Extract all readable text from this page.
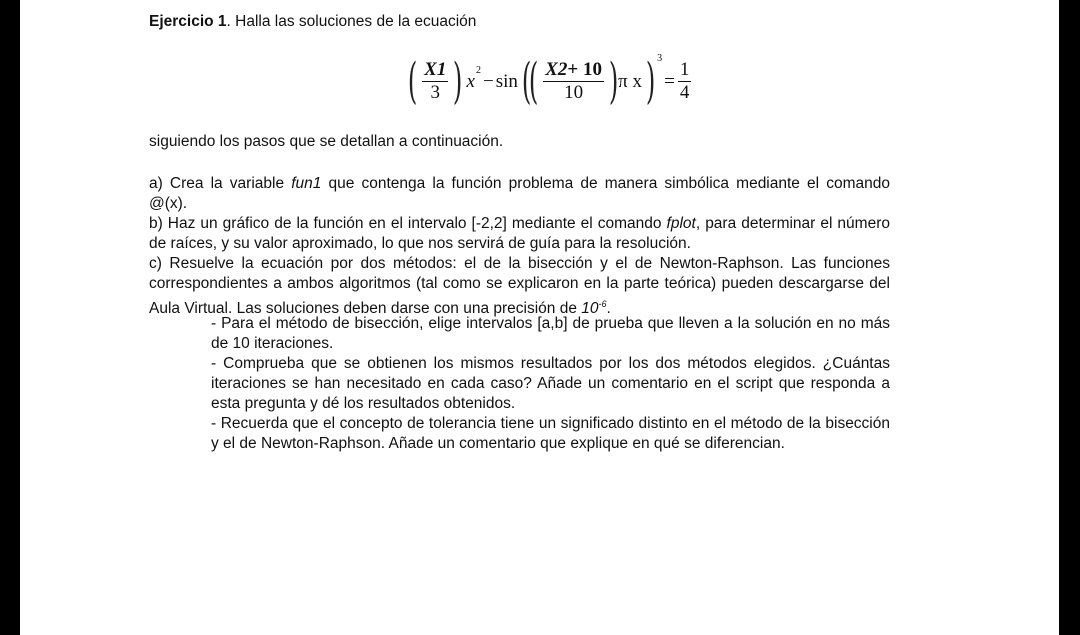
Ejercicio 1. Halla las soluciones de la ecuación
( $\frac{X1}{3}$ ) x
2
− sin (
( $\frac{X2+ 10}{10}$ ) π x ) 3
= $\frac{1}{4}$
siguiendo los pasos que se detallan a continuación.
a) Crea la variable fun1 que contenga la función problema de manera simbólica mediante el comando @(x).
b) Haz un gráfico de la función en el intervalo [-2,2] mediante el comando fplot, para determinar el número de raíces, y su valor aproximado, lo que nos servirá de guía para la resolución.
c) Resuelve la ecuación por dos métodos: el de la bisección y el de Newton-Raphson. Las funciones correspondientes a ambos algoritmos (tal como se explicaron en la parte teórica) pueden descargarse del Aula Virtual. Las soluciones deben darse con una precisión de $10^{-6}$.
- Para el método de bisección, elige intervalos [a,b] de prueba que lleven a la solución en no más de 10 iteraciones.
- Comprueba que se obtienen los mismos resultados por los dos métodos elegidos. ¿Cuántas iteraciones se han necesitado en cada caso? Añade un comentario en el script que responda a esta pregunta y dé los resultados obtenidos.
- Recuerda que el concepto de tolerancia tiene un significado distinto en el método de la bisección y el de Newton-Raphson. Añade un comentario que explique en qué se diferencian.
